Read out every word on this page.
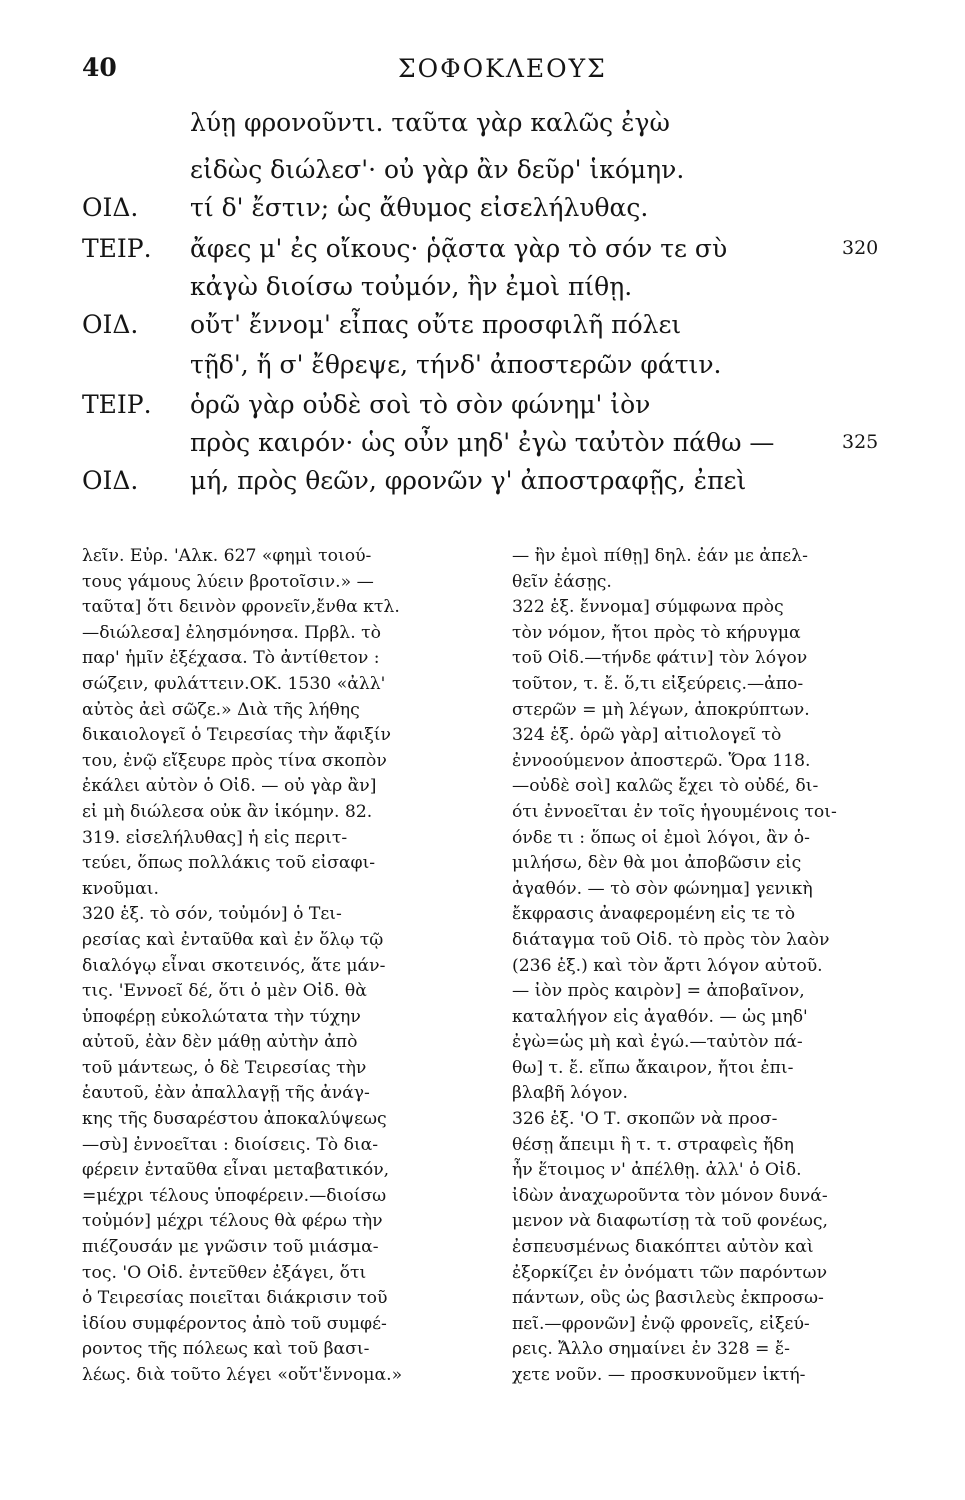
40	ΣΟΦΟΚΛΕΟΥΣ
λύῃ φρονοῦντι. ταῦτα γὰρ καλῶς ἐγὼ
εἰδὼς διώλεσ'· οὐ γὰρ ἂν δεῦρ' ἱκόμην.
ΟΙΔ. τί δ' ἔστιν; ὡς ἄθυμος εἰσελήλυθας.
ΤΕΙΡ. ἄφες μ' ἐς οἴκους· ῥᾷστα γὰρ τὸ σόν τε σὺ	320
κἀγὼ διοίσω τοὐμόν, ἢν ἐμοὶ πίθῃ.
ΟΙΔ. οὔτ' ἔννομ' εἶπας οὔτε προσφιλῆ πόλει
τῇδ', ἥ σ' ἔθρεψε, τήνδ' ἀποστερῶν φάτιν.
ΤΕΙΡ. ὁρῶ γὰρ οὐδὲ σοὶ τὸ σὸν φώνημ' ἰὸν
πρὸς καιρόν· ὡς οὖν μηδ' ἐγὼ ταὐτὸν πάθω —	325
ΟΙΔ. μή, πρὸς θεῶν, φρονῶν γ' ἀποστραφῇς, ἐπεὶ
λεῖν. Εὐρ. 'Αλκ. 627 «φημὶ τοιού-
τους γάμους λύειν βροτοῖσιν.» —
ταῦτα] ὅτι δεινὸν φρονεῖν,ἔνθα κτλ.
—διώλεσα] ἐλησμόνησα. Πρβλ. τὸ
παρ' ἡμῖν ἐξέχασα. Τὸ ἀντίθετον :
σώζειν, φυλάττειν.ΟΚ. 1530 «ἀλλ'
αὐτὸς ἀεὶ σῶζε.» Διὰ τῆς λήθης
δικαιολογεῖ ὁ Τειρεσίας τὴν ἄφιξίν
του, ἐνῷ εἴξευρε πρὸς τίνα σκοπὸν
ἐκάλει αὐτὸν ὁ Οἰδ. — οὐ γὰρ ἂν]
εἰ μὴ διώλεσα οὐκ ἂν ἱκόμην. 82.
319. εἰσελήλυθας] ἡ εἰς περιτ-
τεύει, ὅπως πολλάκις τοῦ εἰσαφι-
κνοῦμαι.
320 ἑξ. τὸ σόν, τοὐμόν] ὁ Τει-
ρεσίας καὶ ἐνταῦθα καὶ ἐν ὅλῳ τῷ
διαλόγῳ εἶναι σκοτεινός, ἅτε μάν-
τις. 'Εννοεῖ δέ, ὅτι ὁ μὲν Οἰδ. θὰ
ὑποφέρῃ εὐκολώτατα τὴν τύχην
αὐτοῦ, ἐὰν δὲν μάθῃ αὐτὴν ἀπὸ
τοῦ μάντεως, ὁ δὲ Τειρεσίας τὴν
ἑαυτοῦ, ἐὰν ἀπαλλαγῇ τῆς ἀνάγ-
κης τῆς δυσαρέστου ἀποκαλύψεως
—σὺ] ἐννοεῖται : διοίσεις. Τὸ δια-
φέρειν ἐνταῦθα εἶναι μεταβατικόν,
=μέχρι τέλους ὑποφέρειν.—διοίσω
τοὐμόν] μέχρι τέλους θὰ φέρω τὴν
πιέζουσάν με γνῶσιν τοῦ μιάσμα-
τος. 'Ο Οἰδ. ἐντεῦθεν ἐξάγει, ὅτι
ὁ Τειρεσίας ποιεῖται διάκρισιν τοῦ
ἰδίου συμφέροντος ἀπὸ τοῦ συμφέ-
ροντος τῆς πόλεως καὶ τοῦ βασι-
λέως. διὰ τοῦτο λέγει «οὔτ'ἔννομα.»
— ἢν ἐμοὶ πίθῃ] δηλ. ἐάν με ἀπελ-
θεῖν ἐάσῃς.
322 ἑξ. ἔννομα] σύμφωνα πρὸς
τὸν νόμον, ἤτοι πρὸς τὸ κήρυγμα
τοῦ Οἰδ.—τήνδε φάτιν] τὸν λόγον
τοῦτον, τ. ἔ. ὅ,τι εἰξεύρεις.—ἀπο-
στερῶν = μὴ λέγων, ἀποκρύπτων.
324 ἑξ. ὁρῶ γὰρ] αἰτιολογεῖ τὸ
ἐννοούμενον ἀποστερῶ. Ὅρα 118.
—οὐδὲ σοὶ] καλῶς ἔχει τὸ οὐδέ, δι-
ότι ἐννοεῖται ἐν τοῖς ἡγουμένοις τοι-
όνδε τι : ὅπως οἱ ἐμοὶ λόγοι, ἂν ὁ-
μιλήσω, δὲν θὰ μοι ἀποβῶσιν εἰς
ἀγαθόν. — τὸ σὸν φώνημα] γενικὴ
ἔκφρασις ἀναφερομένη εἰς τε τὸ
διάταγμα τοῦ Οἰδ. τὸ πρὸς τὸν λαὸν
(236 ἑξ.) καὶ τὸν ἄρτι λόγον αὐτοῦ.
— ἰὸν πρὸς καιρὸν] = ἀποβαῖνον,
καταλήγον εἰς ἀγαθόν. — ὡς μηδ'
ἐγὼ=ὡς μὴ καὶ ἐγώ.—ταὐτὸν πά-
θω] τ. ἔ. εἴπω ἄκαιρον, ἤτοι ἐπι-
βλαβῆ λόγον.
326 ἑξ. 'Ο Τ. σκοπῶν νὰ προσ-
θέσῃ ἄπειμι ἢ τ. τ. στραφεὶς ἤδη
ἦν ἕτοιμος ν' ἀπέλθῃ. ἀλλ' ὁ Οἰδ.
ἰδὼν ἀναχωροῦντα τὸν μόνον δυνά-
μενον νὰ διαφωτίσῃ τὰ τοῦ φονέως,
ἐσπευσμένως διακόπτει αὐτὸν καὶ
ἐξορκίζει ἐν ὀνόματι τῶν παρόντων
πάντων, οὓς ὡς βασιλεὺς ἐκπροσω-
πεῖ.—φρονῶν] ἐνῷ φρονεῖς, εἰξεύ-
ρεις. Ἄλλο σημαίνει ἐν 328 = ἔ-
χετε νοῦν. — προσκυνοῦμεν ἱκτή-
